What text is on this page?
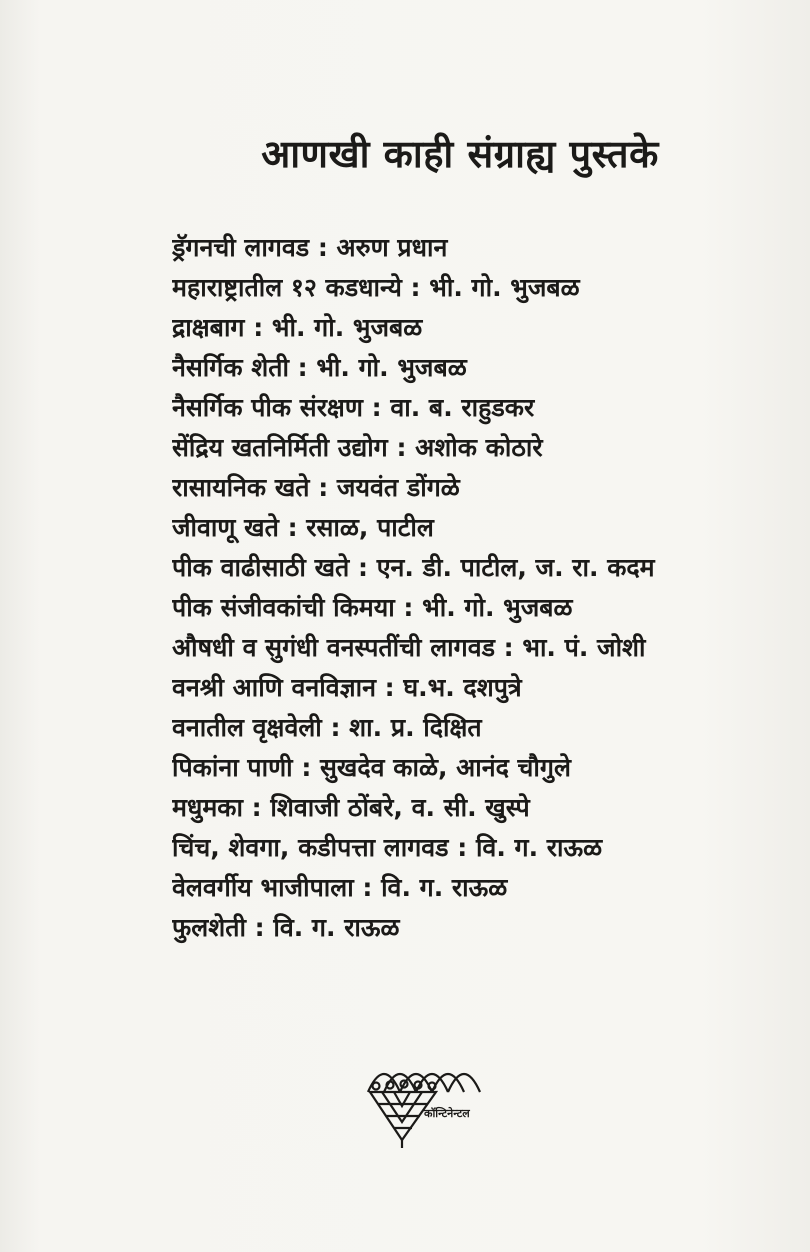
आणखी काही संग्राह्य पुस्तके
ड्रॅगनची लागवड : अरुण प्रधान
महाराष्ट्रातील १२ कडधान्ये : भी. गो. भुजबळ
द्राक्षबाग : भी. गो. भुजबळ
नैसर्गिक शेती : भी. गो. भुजबळ
नैसर्गिक पीक संरक्षण : वा. ब. राहुडकर
सेंद्रिय खतनिर्मिती उद्योग : अशोक कोठारे
रासायनिक खते : जयवंत डोंगळे
जीवाणू खते : रसाळ, पाटील
पीक वाढीसाठी खते : एन. डी. पाटील, ज. रा. कदम
पीक संजीवकांची किमया : भी. गो. भुजबळ
औषधी व सुगंधी वनस्पतींची लागवड : भा. पं. जोशी
वनश्री आणि वनविज्ञान : घ.भ. दशपुत्रे
वनातील वृक्षवेली : शा. प्र. दिक्षित
पिकांना पाणी : सुखदेव काळे, आनंद चौगुले
मधुमका : शिवाजी ठोंबरे, व. सी. खुस्पे
चिंच, शेवगा, कडीपत्ता लागवड : वि. ग. राऊळ
वेलवर्गीय भाजीपाला : वि. ग. राऊळ
फुलशेती : वि. ग. राऊळ
कॉन्टिनेन्टल
